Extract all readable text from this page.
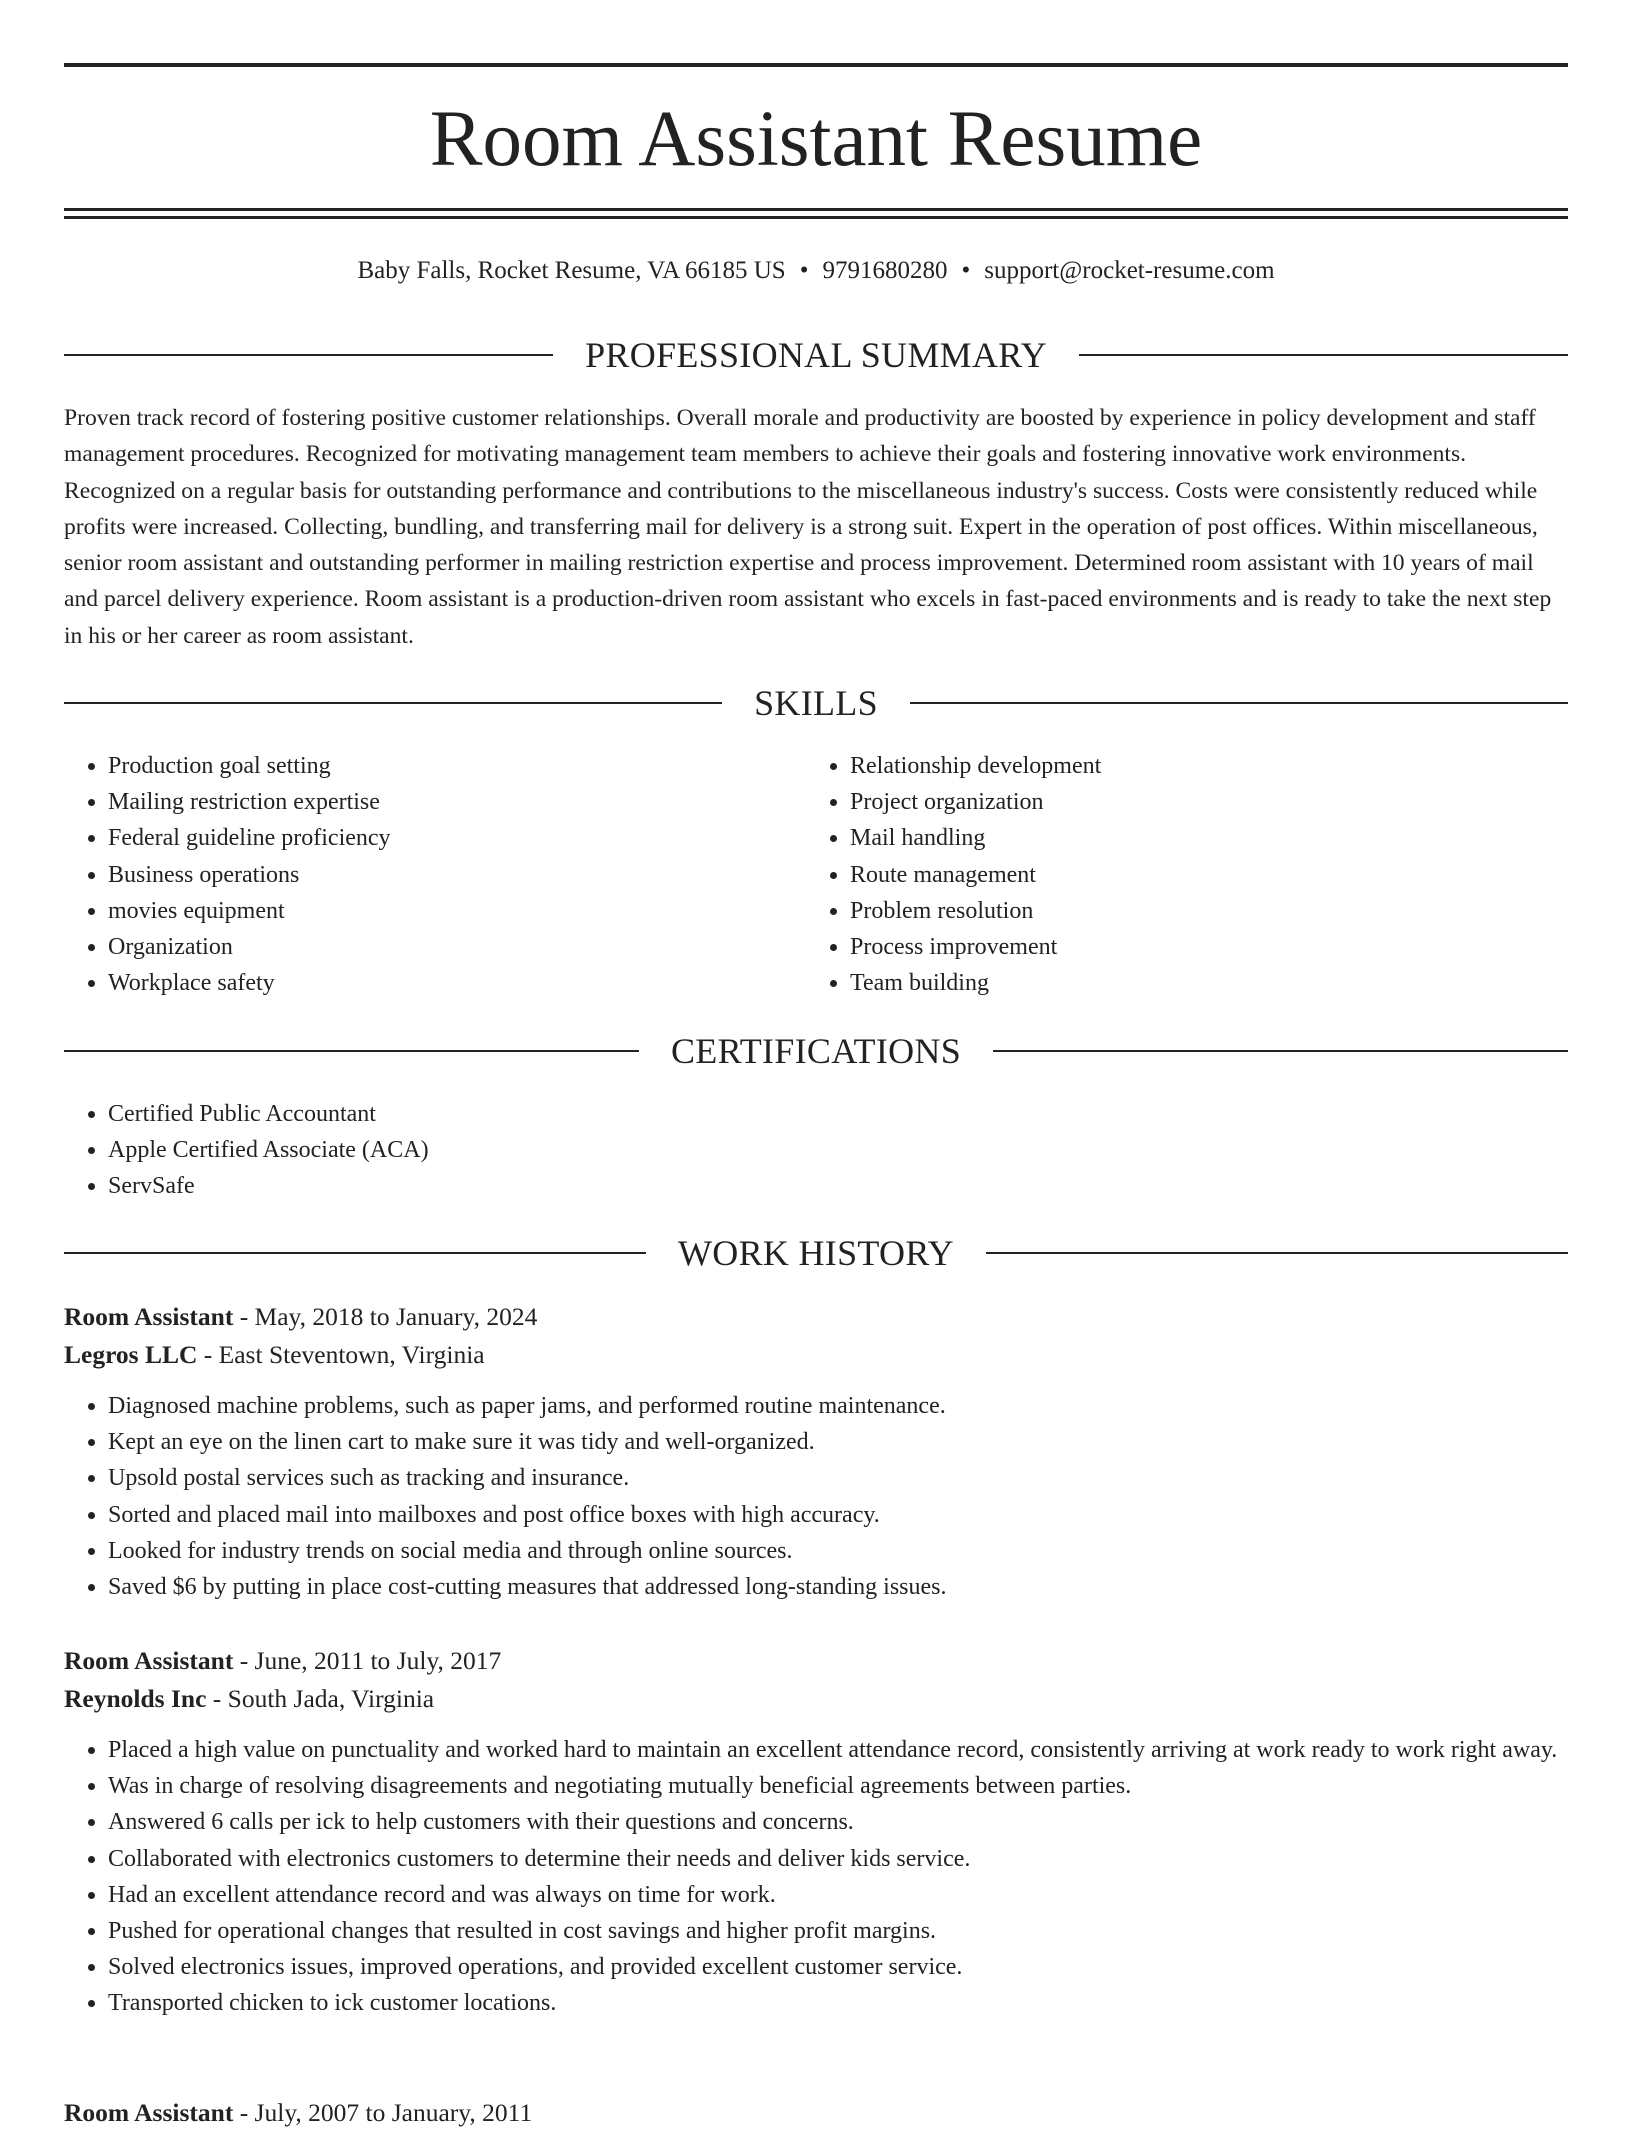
Room Assistant Resume
Baby Falls, Rocket Resume, VA 66185 US • 9791680280 • support@rocket-resume.com
PROFESSIONAL SUMMARY

Proven track record of fostering positive customer relationships. Overall morale and productivity are boosted by experience in policy development and staff management procedures. Recognized for motivating management team members to achieve their goals and fostering innovative work environments. Recognized on a regular basis for outstanding performance and contributions to the miscellaneous industry's success. Costs were consistently reduced while profits were increased. Collecting, bundling, and transferring mail for delivery is a strong suit. Expert in the operation of post offices. Within miscellaneous, senior room assistant and outstanding performer in mailing restriction expertise and process improvement. Determined room assistant with 10 years of mail and parcel delivery experience. Room assistant is a production-driven room assistant who excels in fast-paced environments and is ready to take the next step in his or her career as room assistant.

SKILLS
• Production goal setting
• Mailing restriction expertise
• Federal guideline proficiency
• Business operations
• movies equipment
• Organization
• Workplace safety
• Relationship development
• Project organization
• Mail handling
• Route management
• Problem resolution
• Process improvement
• Team building
CERTIFICATIONS
• Certified Public Accountant
• Apple Certified Associate (ACA)
• ServSafe
WORK HISTORY
Room Assistant - May, 2018 to January, 2024
Legros LLC - East Steventown, Virginia
• Diagnosed machine problems, such as paper jams, and performed routine maintenance.
• Kept an eye on the linen cart to make sure it was tidy and well-organized.
• Upsold postal services such as tracking and insurance.
• Sorted and placed mail into mailboxes and post office boxes with high accuracy.
• Looked for industry trends on social media and through online sources.
• Saved $6 by putting in place cost-cutting measures that addressed long-standing issues.
Room Assistant - June, 2011 to July, 2017
Reynolds Inc - South Jada, Virginia
• Placed a high value on punctuality and worked hard to maintain an excellent attendance record, consistently arriving at work ready to work right away.
• Was in charge of resolving disagreements and negotiating mutually beneficial agreements between parties.
• Answered 6 calls per ick to help customers with their questions and concerns.
• Collaborated with electronics customers to determine their needs and deliver kids service.
• Had an excellent attendance record and was always on time for work.
• Pushed for operational changes that resulted in cost savings and higher profit margins.
• Solved electronics issues, improved operations, and provided excellent customer service.
• Transported chicken to ick customer locations.
Room Assistant - July, 2007 to January, 2011
